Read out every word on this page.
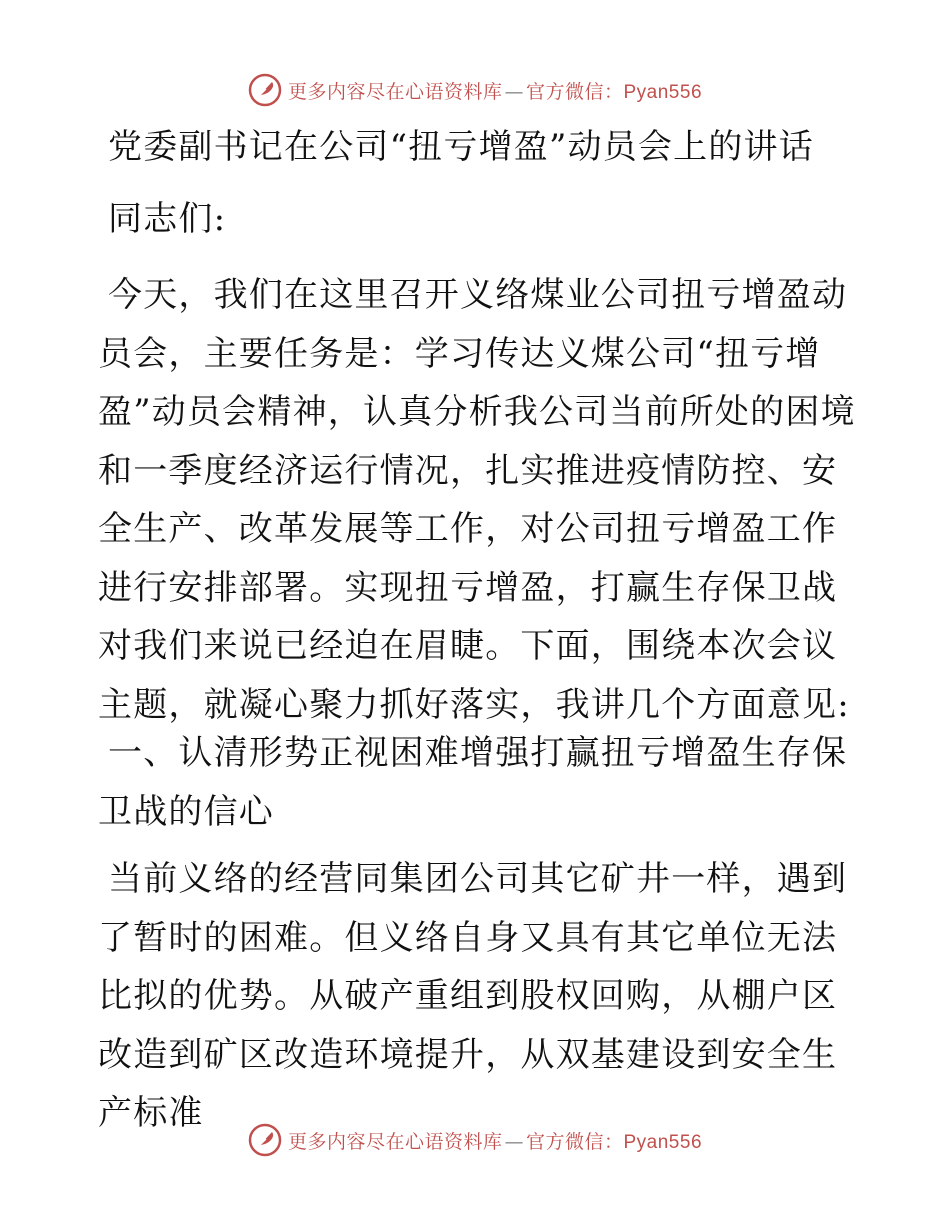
更多内容尽在心语资料库 — 官方微信：Pyan556

党委副书记在公司“扭亏增盈”动员会上的讲话

同志们:

今天，我们在这里召开义络煤业公司扭亏增盈动员会，主要任务是：学习传达义煤公司“扭亏增盈”动员会精神，认真分析我公司当前所处的困境和一季度经济运行情况，扎实推进疫情防控、安全生产、改革发展等工作，对公司扭亏增盈工作进行安排部署。实现扭亏增盈，打赢生存保卫战对我们来说已经迫在眉睫。下面，围绕本次会议主题，就凝心聚力抓好落实，我讲几个方面意见:

一、认清形势正视困难增强打赢扭亏增盈生存保卫战的信心

当前义络的经营同集团公司其它矿井一样，遇到了暂时的困难。但义络自身又具有其它单位无法比拟的优势。从破产重组到股权回购，从棚户区改造到矿区改造环境提升，从双基建设到安全生产标准

更多内容尽在心语资料库 — 官方微信：Pyan556
